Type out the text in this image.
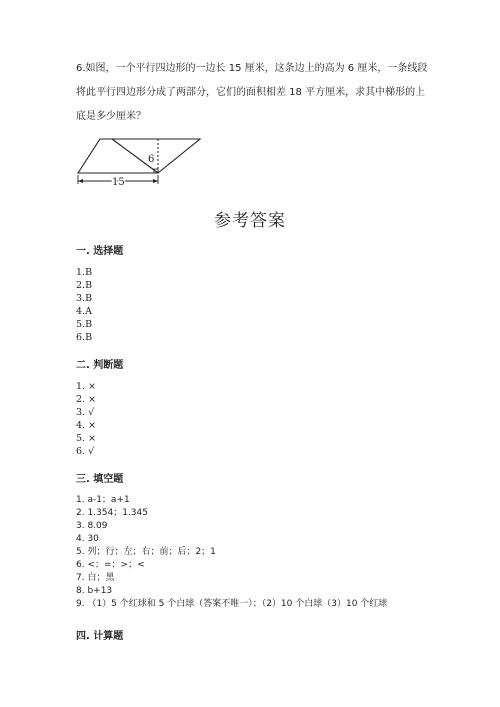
6.如图，一个平行四边形的一边长 15 厘米，这条边上的高为 6 厘米，一条线段
将此平行四边形分成了两部分，它们的面积相差 18 平方厘米，求其中梯形的上
底是多少厘米？
6
15
参考答案
一. 选择题
1.B
2.B
3.B
4.A
5.B
6.B
二. 判断题
1. ×
2. ×
3. √
4. ×
5. ×
6. √
三. 填空题
1. a-1；a+1
2. 1.354；1.345
3. 8.09
4. 30
5. 列；行；左；右；前；后；2；1
6. <；=；>；<
7. 白；黑
8. b+13
9. （1）5 个红球和 5 个白球（答案不唯一）；（2）10 个白球（3）10 个红球
四. 计算题
